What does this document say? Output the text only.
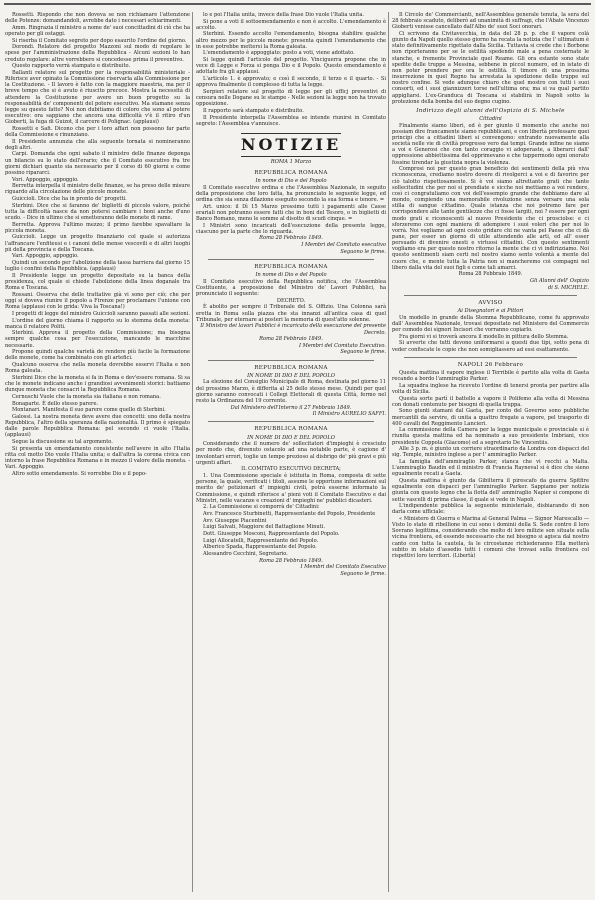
Rossetti. Rispondo che non doveva se non richiamare l'attenzione delle Potenze: domandandoli, avrebbe dato i necessari schiarimenti.

Amm. Ringrazia il ministro a nome de' suoi concittadini di ciò che ha operato per gli ostaggi.

Si riserba il Comitato segreto per dopo esaurito l'ordine del giorno.

Dorondi. Relatore del progetto Mazzoni sul modo di regolare le spese per l'amministrazione della Repubblica - Alcuni sezioni lo han creduto regolare: altre vorrebbero si concedesse prima il preventivo.

Questo rapporto verrà stampato e distribuito.

Ballanti relatore sul progetto per la responsabilità ministeriale - Riferisce aver opinato la Commissione riservarla alla Commissione per la Costituzione. - Il lavoro è fatto con la maggiore maestria, ma per il breve tempo che si è avuto è riuscito precoce. Mostra la necessità di attendere la Costituzione per avere un buon progetto su la responsabilità de' componenti del potere esecutivo. Ma stamane senza legge su questo fatto? Noi non dubitiamo di coloro che sono al potere esecutivo: ora sappiano che ancora una difficoltà v'è il ritiro d'un Gioberti, la fuga di Guizot, il carcere di Polignac. (applausi)

Rossetti e Safi. Dicono che per i loro affari non possono far parte della Commissione e rinunziano.

Il Presidente annunzia che alla seguente tornata si nomineranno degli altri.

Carpi. Domanda che ogni sabato il ministro delle finanze deponga un bilancio su lo stato dell'erario; che il Comitato esecutivo fra tre giorni dichiari quanto sia necessario per il corso di 60 giorni e come possino ripararci.

Vori. Appoggio, appoggio.

Berretta interpella il ministro delle finanze, se ha preso delle misure riguardo alla circolazione delle piccole monete.

Guiccioli. Dice che ha in pronto de' progetti.

Sterbini. Dice che si faranno de' biglietti di piccolo valore, poichè tutta la difficoltà nasce da non potersi cambiare i boni anche d'uno scudo. - Dice in ultimo che si emetteranno delle monete di rame.

Berretta. Approva l'ultimo mezzo; il primo farebbe spavaltare la piccola moneta.

Guiccioli. Legge un progetto finanziario col quale si autorizza l'affrancare l'enfiteusi e i canoni delle mense vescovili e di altri luoghi pii della provincia e della Toscana.

Vari. Appoggio, appoggio.

Quindi un secondo per l'abolizione della tassa barriera dal giorno 15 luglio i confini della Repubblica. (applausi)

Il Presidente legge un progetto depositato su la banca della presidenza, col quale si chiede l'abolizione della linea doganale tra Roma e Toscana.

Rossani. Osserva che delle trattative già vi sono per ciò; che per oggi si doveva riunire il popolo a Firenze per proclamare l'unione con Roma (applausi con le grida: Viva la Toscana!)

I progetti di legge del ministro Guiccioli saranno passati alle sezioni.

L'ordine del giorno chiama il rapporto su lo stemma della moneta: manca il relatore Politi.

Sterbini. Approva il progetto della Commissione; ma bisogna sempre qualche cosa per l'esecuzione, mancando le macchine necessarie.

Propone quindi qualche varietà de rendere più facile la formazione delle monete, come ha combinato con gli artefici.

Qualcuno osserva che nella moneta dovrebbe esservi l'Italia e non Roma galeata.

Sterbini Dice che la moneta si fa in Roma e dev'essere romana. Si sa che le monete indicano anche i grandiosi avvenimenti storici: battiamo dunque moneta che consacri la Repubblica Romana.

Cernuschi Vuole che la moneta sia italiana e non romana.

Bonaparte. È dello stesso parere.

Montanari. Manifesta il suo parere come quello di Sterbini.

Galossi. La nostra moneta deve avere due concetti: uno della nostra Repubblica, l'altro della speranza della nazionalità. Il primo è spiegato dalle parole Repubblica Romana: pel secondo ci vuole l'Italia. (applausi)

Segue la discussione su tal argomento.

Si presenta un emendamento consistente nell'avere in alto l'Italia ritta col motto Dio vuole l'Italia unita; e dall'altra la corona civica con intorno la frase Repubblica Romana e in mezzo il valore della moneta. - Vari. Appoggio.

Altro sotto emendamento. Si vorrebbe Dio e il popo-

lo e poi l'Italia unita, invece della frase Dio vuole l'Italia unita.

Si pone a voti il sottoemendamento e non è accolto. L'emendamento è accolto.

Sterbini. Essendo accolto l'emendamento, bisogna stabilire qualche altro mezzo per le piccole monete: presenta quindi l'emendamento che in esse potrebbe mettersi la Roma galeata.

L'emendamento è appoggiato: posto a voti, viene adottato.

Si legge quindi l'articolo del progetto. Vinciguerra propone che in vece di Legge e Forza si ponga Dio e il Popolo. Questo emendamento è adottato fra gli applausi.

L'articolo 1. è approvato; e così il secondo, il terzo e il quarto. - Si approva finalmente il complesso di tutta la legge.

Serpieri relatore sul progetto di legge per gli ufficj preventivi di censura nelle Dogane su le stampe - Nelle sezioni la legge non ha trovato opposizione.

Il rapporto sarà stampato e distribuito.

Il Presidente interpella l'Assemblea se intende riunirsi in Comitato segreto: l'Assemblea v'annuisce.

NOTIZIE
ROMA 1 Marzo

REPUBBLICA ROMANA

In nome di Dio e del Popolo

Il Comitato esecutivo ordina e che l'Assemblea Nazionale, in seguito della proposizione che loro fatta, ha pronunciato le seguente legge, ed ordina che sia senza dilazione eseguito secondo la sua forma e tenore. =

Art. unico: il Dì 15 Marzo prossimo tutti i pagamenti alle Casse erariali non potranno essere fatti che in boni del Tesoro, o in biglietti di Banco Romano, meno le somme al disotto di scudi cinque. =

I Ministri sono incaricati dell'esecuzione della presente legge, ciascuno per la parte che lo riguarda.

Roma 28 Febbraio 1849.

I Membri del Comitato esecutivo

Seguono le firme.

REPUBBLICA ROMANA

In nome di Dio e del Popolo

Il Comitato esecutivo della Repubblica notifica, che l'Assemblea Costituente, a proposizione del Ministro de' Lavori Pubblici, ha pronunciato il seguente:

DECRETO.

È abolito per sempre il Tribunale del S. Offizio. Una Colonna sarà eretta in Roma sulla piazza che sta innanzi all'antica casa di quel Tribunale, per eternare ai posteri la memoria di quest'atto solenne.

Il Ministro dei lavori Pubblici è incaricato della esecuzione del presente Decreto.

Roma 28 Febbraio 1849.

I Membri del Comitato Esecutivo.

Seguono le firme.

REPUBBLICA ROMANA

IN NOME DI DIO E DEL POPOLO

La elezione del Consiglio Municipale di Roma, destinata pel giorno 11 del prossimo Marzo, è differita al 25 dello stesso mese. Quindi per quel giorno saranno convocati i Collegi Elettorali di questa Città, fermo nel resto la Ordinanza del 19 corrente.

Dal Ministero dell'Interno il 27 Febbraio 1849.

Il Ministro AURELIO SAFFI.

REPUBBLICA ROMANA

IN NOME DI DIO E DEL POPOLO

Considerando che il numero de' sollecitatori d'impieghi è cresciuto per modo che, divenuto ostacolo ad una notabile parte, è cagione d' involontari errori, toglie un tempo prezioso al disbrigo de' più gravi e più urgenti affari.

IL COMITATO ESECUTIVO DECRETA;

1. Una Commissione speciale è istituita in Roma, composta di sette persone, la quale, verificati i titoli, assume le opportune informazioni sul merito de' petizionari d' impieghi civili, potrà esserne informato la Commissione, e quindi riferisce a' pieni voti il Comitato Esecutivo e dai Ministri, nelle vacanze e creazioni d' impieghi ne' pubblici dicasteri.

2. La Commissione si comporrà de' Cittadini:

Avv. Francesco Sturbinetti, Rappresentante del Popolo, Presidente

Avv. Giuseppe Piacentini

Luigi Salvati, Maggiore del Battaglione Minuti.

Dott. Giuseppe Mosconi, Rappresentante del Popolo.

Luigi Allocatelli, Rappresentante del Popolo.

Alberico Spada, Rappresentante del Popolo.

Alessandro Cecchini, Segretario.

Roma 28 Febbraio 1849.

I Membri del Comitato Esecutivo

Seguono le firme.

Il Circolo de' Commercianti, nell'Assemblea generale tenuta, la sera del 28 febbraio scaduto, deliberò ad unanimità di suffragi, che l'Abate Vincenzo Gioberti venisse cancellato dall'Albo de' suoi Soci onorari.

Ci scrivono da Civitavecchia, in data del 28 p. p. che il vapore colà giunto da Napoli quello stesso giorno ha recata la notizia che l' ultimatum è stato definitivamente rigettato dalla Sicilia. Tuttavia si crede che i Borbone non riporteranno per se le ostilità spedendo male a pena costernate le stanche, e fremente Provinciale quel Reame. Gli ora estante sono state spedite delle truppe a Messina, sebbene in piccol numero, ed in istato di non poter prendere per ora le ostilità. Il timore di una prossima insurrezione in quel Regno ha arrestata la spedizione delle truppe sul nostro confine. Si vede adunque chiaro che quel mostro con tutti i suoi consorti, ed i suoi giannizzeri torse nell'ultima ora; ma si va qual partito appigliarsi. L'ex-Granduca di Toscana si stabilirà in Napoli sotto la protezione della bomba del suo degno cugino.

Indirizzo degli alunni dell'Ospizio di S. Michele

Cittadini

Finalmente siamo liberi, ed è per giunto il momento che anche noi possiam dire francamente siamo repubblicani, e con libertà professare quei principi che a cittadini liberi si convengono: entrando nuovamente alla società nelle vie di civiltà progresso vero dai tempi. Grande infine ne siamo a voi e Generosi che con tanto coraggio vi adoperaste, a liberarci dall' oppressione abbiettissima del opprimevano e che tuppermodo ogni onorato fossine tirendar la giustizia nopra la violenza.

Comprosi noi per questo gran beneficio dei sentimenti della più viva riconoscenza, crediamo nostro dovere di rivolgerci a voi e di favorire per ciò talotto rispettosamente. Si è voi siamo altrettanto grati che tante sollecitudini che per noi si prendiate e sicche noi mettiamo a voi rendere, così ci congratuliamo con voi dell'essempio grande che debbiamo dare al mondo, compiendo una memorabile rivoluzione senza versare una sola stilla di sangue cittadino. Quale istanza che noi potremo fare per corrispondere alle tante gentilezze che ci fosse largiti, noi ? essere per ogni modo grati e riconoscenti al nuovo Presidente che ci prosciolse: e ci sforzeremo con ogni maniera di adempiere i suoi voleri che per noi lo vorrà. Noi vogliamo ad ogni costo gridare chi ne vanta pel Paese che ci dà pane, per esser un giorno di utile attendendo alle arti, ed all' esser persuado di divenire onesti e virtuosi cittadini. Con questo sentimenti vogliamo era per questo nostro ritorno la mente che ci vi indirizziamo. Noi questo sentimenti siam certi nel nostro siamo sento volentà a mente del cuore che, e mente tutta la Patria non si mancheremo coi compagni nel libero dalla vita del suoi figli e come tali amarci.

Roma 28 Febbraio 1849.

Gli Alunni dell' Ospizio

di S. MICHELE.

AVVISO

Ai Disegnatori e ai Pittori

Un modello in grande della Stemma Repubblicano, come fu approvato dall' Assemblea Nazionale, trovasi depositato nel Ministero del Commercio per comodo dei signori Incisori che vorranno copiarlo.

Fra giorni vi si troverà ancora il modello in pittura dello Stemma.

Si avverte che tutti devono uniformarsi a questi due tipi, sotto pena di veder confiscate le copie che non somigliassero ad essi esattamente.

NAPOLI 26 Febbraro

Questa mattina il vapore inglese il Terribile è partito alla volta di Gaeta recando a bordo l'ammiraglio Parker.

La squadra inglese ha ricevuto l'ordine di tenersi pronta per partire alla volta di Sicilia.

Questa sorte partì il battello a vapore il Polifemo alla volta di Messina con donati contenuto per bisogni di quella truppa.

Sono giunti stamani dal Gaeta, per conto del Governo sono pubbliche mercantili da servire, di unita a quattro fregate a vapore, pel trasporto di 400 cavalli del Reggimento Lancieri.

La commissione della Camera per la legge municipale e provinciale si è riunita questa mattina ed ha nominato a suo presidente Imbriani, vice presidente Coppola (Giacomo) ed a segretario De Vincentiis.

Alle 3 p. m. è giunto un corriere straordinario da Londra con dispacci del sig. Temple, ministro inglese a per l' ammiraglio Parker.

La famiglia dell'ammiraglio Parker, stanca che vi recchi a Malta. L'ammiraglio Baudin ed il ministro di Francia Rayneval si è dice che sieno egualmente recati a Gaeta.

Questa mattina è giunto da Gibilterra il pirescafo da guerra Spitfire egualmente con dispacci per l'ammiraglio Parker. Sappiamo per notizia giunta con questo legno che la flotta dell' ammiraglio Napier si compone di sette vascelli di prima classe, il quale si vede in Napoli.

L'indipendente pubblica la seguente ministeriale, disbiarando di non darla come ufficiale:

« Ministero di Guerra e Marina al General Palma — Signor Marescallo — Visto lo stato di ribellione in cui sono i dominii della S. Sede contro il loro Sovrano legittima, considerando che molto di loro milizie son situate sulla vicina frontiera, ed essendo necessario che nel bisogno si agisca dal nostro canto con tutta la cautela, fa le circostanze richiederanno Ella metterà subito in istato d'assedio tutti i comuni che trovasi sulla frontiera col rispettivi loro territori. (Libertà)
